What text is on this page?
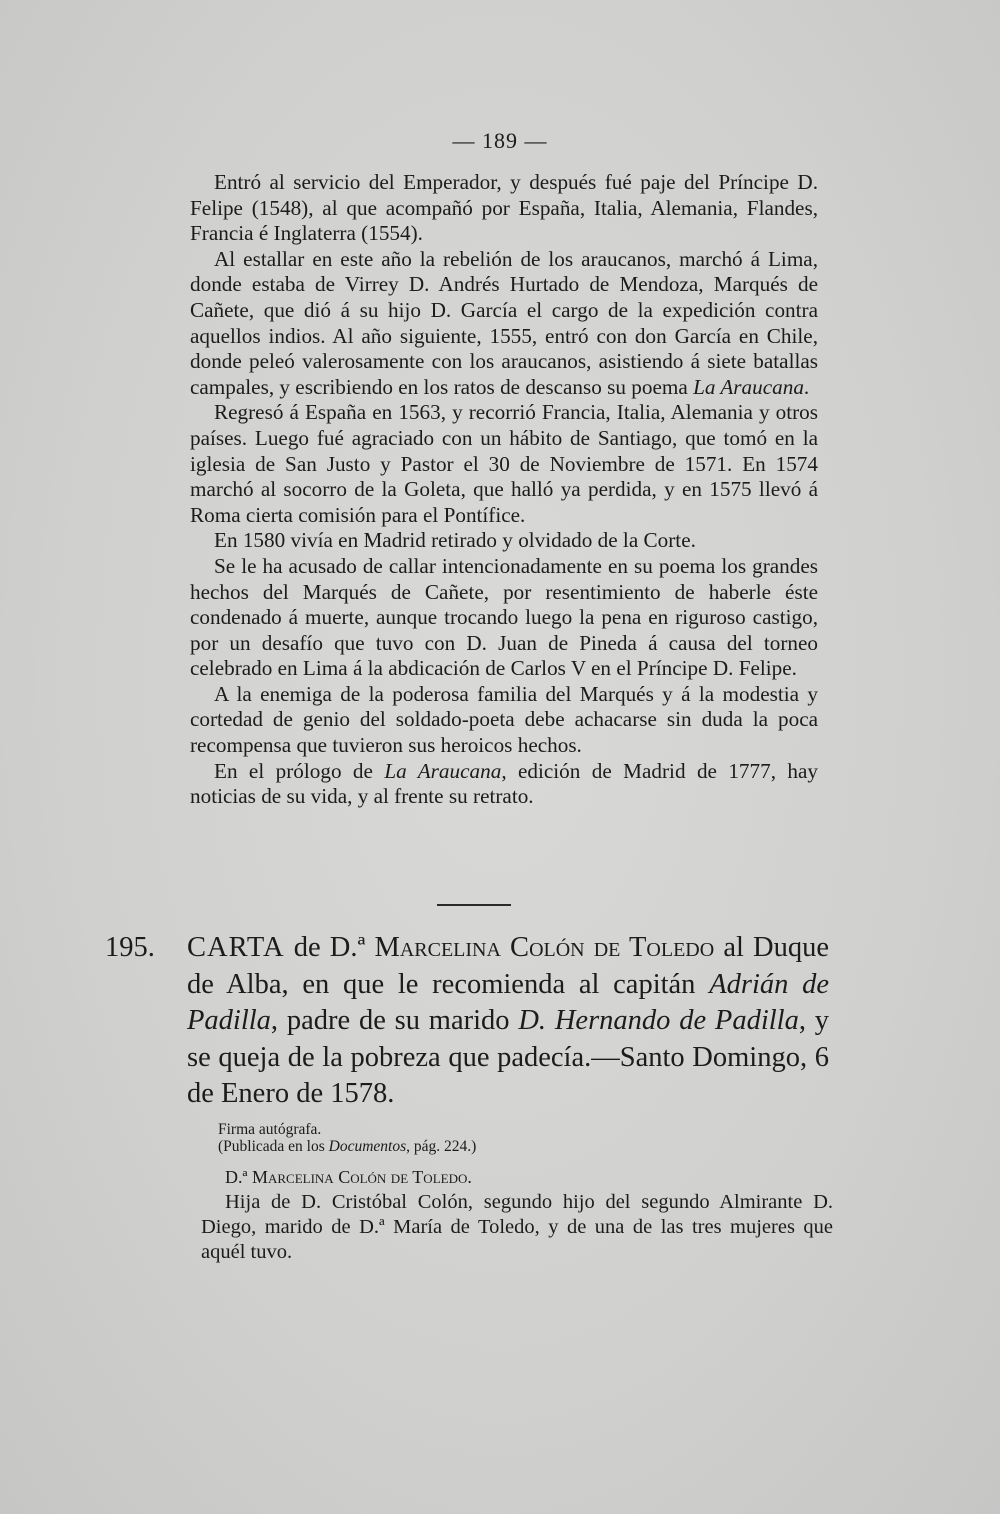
— 189 —

Entró al servicio del Emperador, y después fué paje del Príncipe D. Felipe (1548), al que acompañó por España, Italia, Alemania, Flandes, Francia é Inglaterra (1554).

Al estallar en este año la rebelión de los araucanos, marchó á Lima, donde estaba de Virrey D. Andrés Hurtado de Mendoza, Marqués de Cañete, que dió á su hijo D. García el cargo de la expedición contra aquellos indios. Al año siguiente, 1555, entró con don García en Chile, donde peleó valerosamente con los araucanos, asistiendo á siete batallas campales, y escribiendo en los ratos de descanso su poema La Araucana.

Regresó á España en 1563, y recorrió Francia, Italia, Alemania y otros países. Luego fué agraciado con un hábito de Santiago, que tomó en la iglesia de San Justo y Pastor el 30 de Noviembre de 1571. En 1574 marchó al socorro de la Goleta, que halló ya perdida, y en 1575 llevó á Roma cierta comisión para el Pontífice.

En 1580 vivía en Madrid retirado y olvidado de la Corte.

Se le ha acusado de callar intencionadamente en su poema los grandes hechos del Marqués de Cañete, por resentimiento de haberle éste condenado á muerte, aunque trocando luego la pena en riguroso castigo, por un desafío que tuvo con D. Juan de Pineda á causa del torneo celebrado en Lima á la abdicación de Carlos V en el Príncipe D. Felipe.

A la enemiga de la poderosa familia del Marqués y á la modestia y cortedad de genio del soldado-poeta debe achacarse sin duda la poca recompensa que tuvieron sus heroicos hechos.

En el prólogo de La Araucana, edición de Madrid de 1777, hay noticias de su vida, y al frente su retrato.

195. CARTA de D.ª Marcelina Colón de Toledo al Duque de Alba, en que le recomienda al capitán Adrián de Padilla, padre de su marido D. Hernando de Padilla, y se queja de la pobreza que padecía.—Santo Domingo, 6 de Enero de 1578.
Firma autógrafa.
(Publicada en los Documentos, pág. 224.)

D.ª Marcelina Colón de Toledo.

Hija de D. Cristóbal Colón, segundo hijo del segundo Almirante D. Diego, marido de D.ª María de Toledo, y de una de las tres mujeres que aquél tuvo.
